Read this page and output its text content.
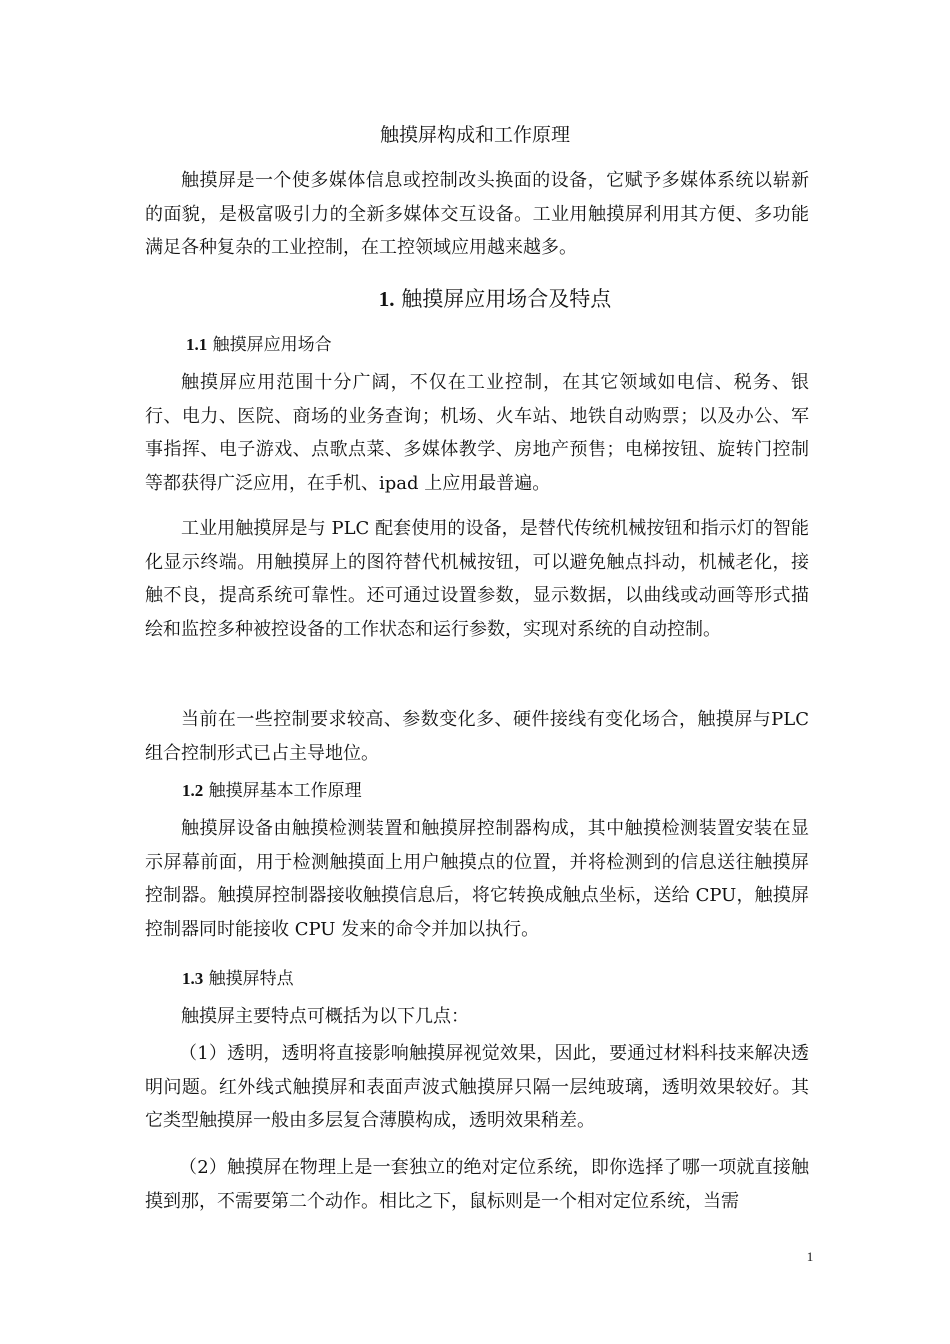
触摸屏构成和工作原理

触摸屏是一个使多媒体信息或控制改头换面的设备，它赋予多媒体系统以崭新的面貌，是极富吸引力的全新多媒体交互设备。工业用触摸屏利用其方便、多功能满足各种复杂的工业控制，在工控领域应用越来越多。

1. 触摸屏应用场合及特点
1.1 触摸屏应用场合

触摸屏应用范围十分广阔，不仅在工业控制，在其它领域如电信、税务、银行、电力、医院、商场的业务查询；机场、火车站、地铁自动购票；以及办公、军事指挥、电子游戏、点歌点菜、多媒体教学、房地产预售；电梯按钮、旋转门控制等都获得广泛应用，在手机、ipad 上应用最普遍。

工业用触摸屏是与 PLC 配套使用的设备，是替代传统机械按钮和指示灯的智能化显示终端。用触摸屏上的图符替代机械按钮，可以避免触点抖动，机械老化，接触不良，提高系统可靠性。还可通过设置参数，显示数据，以曲线或动画等形式描绘和监控多种被控设备的工作状态和运行参数，实现对系统的自动控制。

当前在一些控制要求较高、参数变化多、硬件接线有变化场合，触摸屏与PLC 组合控制形式已占主导地位。

1.2 触摸屏基本工作原理

触摸屏设备由触摸检测装置和触摸屏控制器构成，其中触摸检测装置安装在显示屏幕前面，用于检测触摸面上用户触摸点的位置，并将检测到的信息送往触摸屏控制器。触摸屏控制器接收触摸信息后，将它转换成触点坐标，送给 CPU，触摸屏控制器同时能接收 CPU 发来的命令并加以执行。

1.3 触摸屏特点

触摸屏主要特点可概括为以下几点：

（1）透明，透明将直接影响触摸屏视觉效果，因此，要通过材料科技来解决透明问题。红外线式触摸屏和表面声波式触摸屏只隔一层纯玻璃，透明效果较好。其它类型触摸屏一般由多层复合薄膜构成，透明效果稍差。

（2）触摸屏在物理上是一套独立的绝对定位系统，即你选择了哪一项就直接触摸到那，不需要第二个动作。相比之下，鼠标则是一个相对定位系统，当需

1
